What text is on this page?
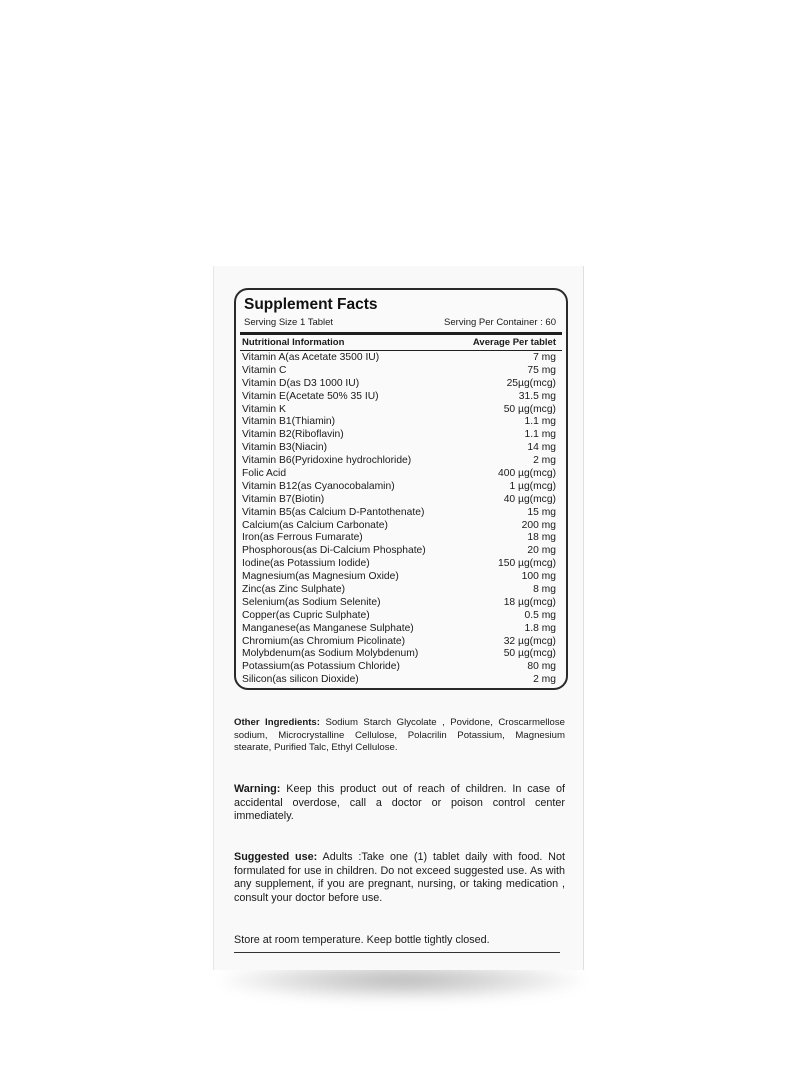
Supplement Facts
Serving Size 1 Tablet	Serving Per Container : 60
Nutritional Information	Average Per tablet
Vitamin A(as Acetate 3500 IU)	7 mg
Vitamin C	75 mg
Vitamin D(as D3 1000 IU)	25µg(mcg)
Vitamin E(Acetate 50% 35 IU)	31.5 mg
Vitamin K	50 µg(mcg)
Vitamin B1(Thiamin)	1.1 mg
Vitamin B2(Riboflavin)	1.1 mg
Vitamin B3(Niacin)	14 mg
Vitamin B6(Pyridoxine hydrochloride)	2 mg
Folic Acid	400 µg(mcg)
Vitamin B12(as Cyanocobalamin)	1 µg(mcg)
Vitamin B7(Biotin)	40 µg(mcg)
Vitamin B5(as Calcium D-Pantothenate)	15 mg
Calcium(as Calcium Carbonate)	200 mg
Iron(as Ferrous Fumarate)	18 mg
Phosphorous(as Di-Calcium Phosphate)	20 mg
Iodine(as Potassium Iodide)	150 µg(mcg)
Magnesium(as Magnesium Oxide)	100 mg
Zinc(as Zinc Sulphate)	8 mg
Selenium(as Sodium Selenite)	18 µg(mcg)
Copper(as Cupric Sulphate)	0.5 mg
Manganese(as Manganese Sulphate)	1.8 mg
Chromium(as Chromium Picolinate)	32 µg(mcg)
Molybdenum(as Sodium Molybdenum)	50 µg(mcg)
Potassium(as Potassium Chloride)	80 mg
Silicon(as silicon Dioxide)	2 mg
Other Ingredients: Sodium Starch Glycolate , Povidone, Croscarmellose sodium, Microcrystalline Cellulose, Polacrilin Potassium, Magnesium stearate, Purified Talc, Ethyl Cellulose.
Warning: Keep this product out of reach of children. In case of accidental overdose, call a doctor or poison control center immediately.
Suggested use: Adults :Take one (1) tablet daily with food. Not formulated for use in children. Do not exceed suggested use. As with any supplement, if you are pregnant, nursing, or taking medication , consult your doctor before use.
Store at room temperature. Keep bottle tightly closed.
